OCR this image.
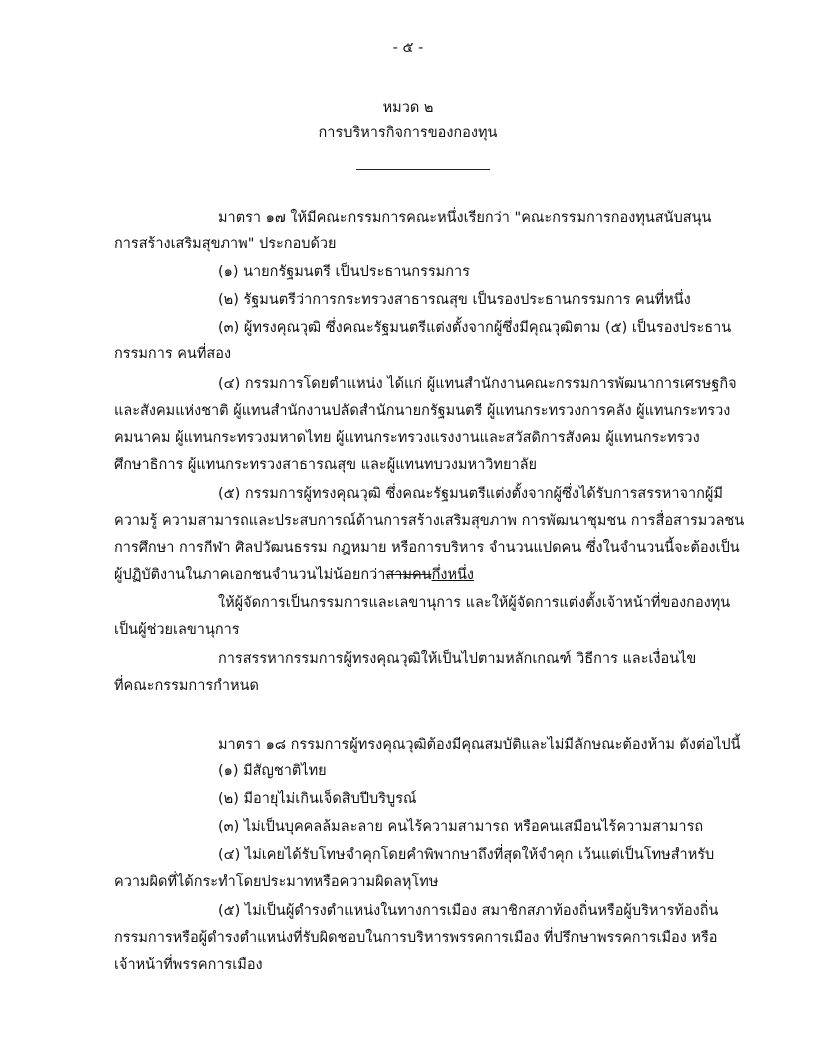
- ๕ -
หมวด ๒
การบริหารกิจการของกองทุน
มาตรา ๑๗ ให้มีคณะกรรมการคณะหนึ่งเรียกว่า "คณะกรรมการกองทุนสนับสนุน
การสร้างเสริมสุขภาพ" ประกอบด้วย
(๑) นายกรัฐมนตรี เป็นประธานกรรมการ
(๒) รัฐมนตรีว่าการกระทรวงสาธารณสุข เป็นรองประธานกรรมการ คนที่หนึ่ง
(๓) ผู้ทรงคุณวุฒิ ซึ่งคณะรัฐมนตรีแต่งตั้งจากผู้ซึ่งมีคุณวุฒิตาม (๕) เป็นรองประธาน
กรรมการ คนที่สอง
(๔) กรรมการโดยตำแหน่ง ได้แก่ ผู้แทนสำนักงานคณะกรรมการพัฒนาการเศรษฐกิจ
และสังคมแห่งชาติ ผู้แทนสำนักงานปลัดสำนักนายกรัฐมนตรี ผู้แทนกระทรวงการคลัง ผู้แทนกระทรวง
คมนาคม ผู้แทนกระทรวงมหาดไทย ผู้แทนกระทรวงแรงงานและสวัสดิการสังคม ผู้แทนกระทรวง
ศึกษาธิการ ผู้แทนกระทรวงสาธารณสุข และผู้แทนทบวงมหาวิทยาลัย
(๕) กรรมการผู้ทรงคุณวุฒิ ซึ่งคณะรัฐมนตรีแต่งตั้งจากผู้ซึ่งได้รับการสรรหาจากผู้มี
ความรู้ ความสามารถและประสบการณ์ด้านการสร้างเสริมสุขภาพ การพัฒนาชุมชน การสื่อสารมวลชน
การศึกษา การกีฬา ศิลปวัฒนธรรม กฎหมาย หรือการบริหาร จำนวนแปดคน ซึ่งในจำนวนนี้จะต้องเป็น
ผู้ปฏิบัติงานในภาคเอกชนจำนวนไม่น้อยกว่าสามคนกึ่งหนึ่ง
ให้ผู้จัดการเป็นกรรมการและเลขานุการ และให้ผู้จัดการแต่งตั้งเจ้าหน้าที่ของกองทุน
เป็นผู้ช่วยเลขานุการ
การสรรหากรรมการผู้ทรงคุณวุฒิให้เป็นไปตามหลักเกณฑ์ วิธีการ และเงื่อนไข
ที่คณะกรรมการกำหนด
มาตรา ๑๘ กรรมการผู้ทรงคุณวุฒิต้องมีคุณสมบัติและไม่มีลักษณะต้องห้าม ดังต่อไปนี้
(๑) มีสัญชาติไทย
(๒) มีอายุไม่เกินเจ็ดสิบปีบริบูรณ์
(๓) ไม่เป็นบุคคลล้มละลาย คนไร้ความสามารถ หรือคนเสมือนไร้ความสามารถ
(๔) ไม่เคยได้รับโทษจำคุกโดยคำพิพากษาถึงที่สุดให้จำคุก เว้นแต่เป็นโทษสำหรับ
ความผิดที่ได้กระทำโดยประมาทหรือความผิดลหุโทษ
(๕) ไม่เป็นผู้ดำรงตำแหน่งในทางการเมือง สมาชิกสภาท้องถิ่นหรือผู้บริหารท้องถิ่น
กรรมการหรือผู้ดำรงตำแหน่งที่รับผิดชอบในการบริหารพรรคการเมือง ที่ปรึกษาพรรคการเมือง หรือ
เจ้าหน้าที่พรรคการเมือง
